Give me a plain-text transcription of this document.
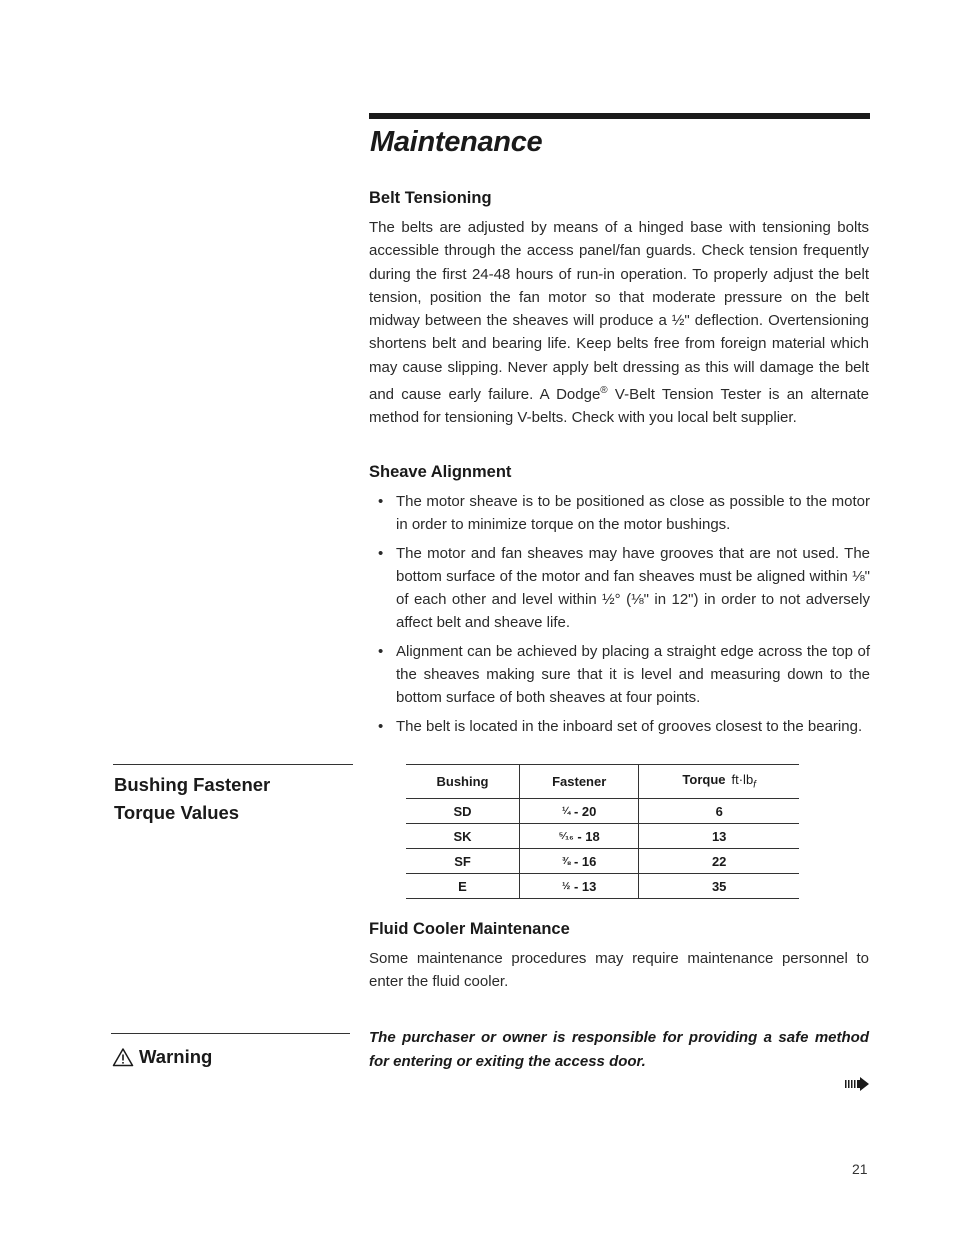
Maintenance
Belt Tensioning
The belts are adjusted by means of a hinged base with tensioning bolts accessible through the access panel/fan guards. Check tension frequently during the first 24-48 hours of run-in operation. To properly adjust the belt tension, position the fan motor so that moderate pressure on the belt midway between the sheaves will produce a ½" deflection. Overtensioning shortens belt and bearing life. Keep belts free from foreign material which may cause slipping. Never apply belt dressing as this will damage the belt and cause early failure. A Dodge® V-Belt Tension Tester is an alternate method for tensioning V-belts. Check with you local belt supplier.
Sheave Alignment
• The motor sheave is to be positioned as close as possible to the motor in order to minimize torque on the motor bushings.
• The motor and fan sheaves may have grooves that are not used. The bottom surface of the motor and fan sheaves must be aligned within ⅛" of each other and level within ½° (⅛" in 12") in order to not adversely affect belt and sheave life.
• Alignment can be achieved by placing a straight edge across the top of the sheaves making sure that it is level and measuring down to the bottom surface of both sheaves at four points.
• The belt is located in the inboard set of grooves closest to the bearing.
Bushing Fastener
Torque Values
Bushing	Fastener	Torque $ft\cdot lb_f$
SD	¼ - 20	6
SK	⁵⁄₁₆ - 18	13
SF	⅜ - 16	22
E	½ - 13	35
Fluid Cooler Maintenance
Some maintenance procedures may require maintenance personnel to enter the fluid cooler.
Warning
The purchaser or owner is responsible for providing a safe method for entering or exiting the access door.
21
